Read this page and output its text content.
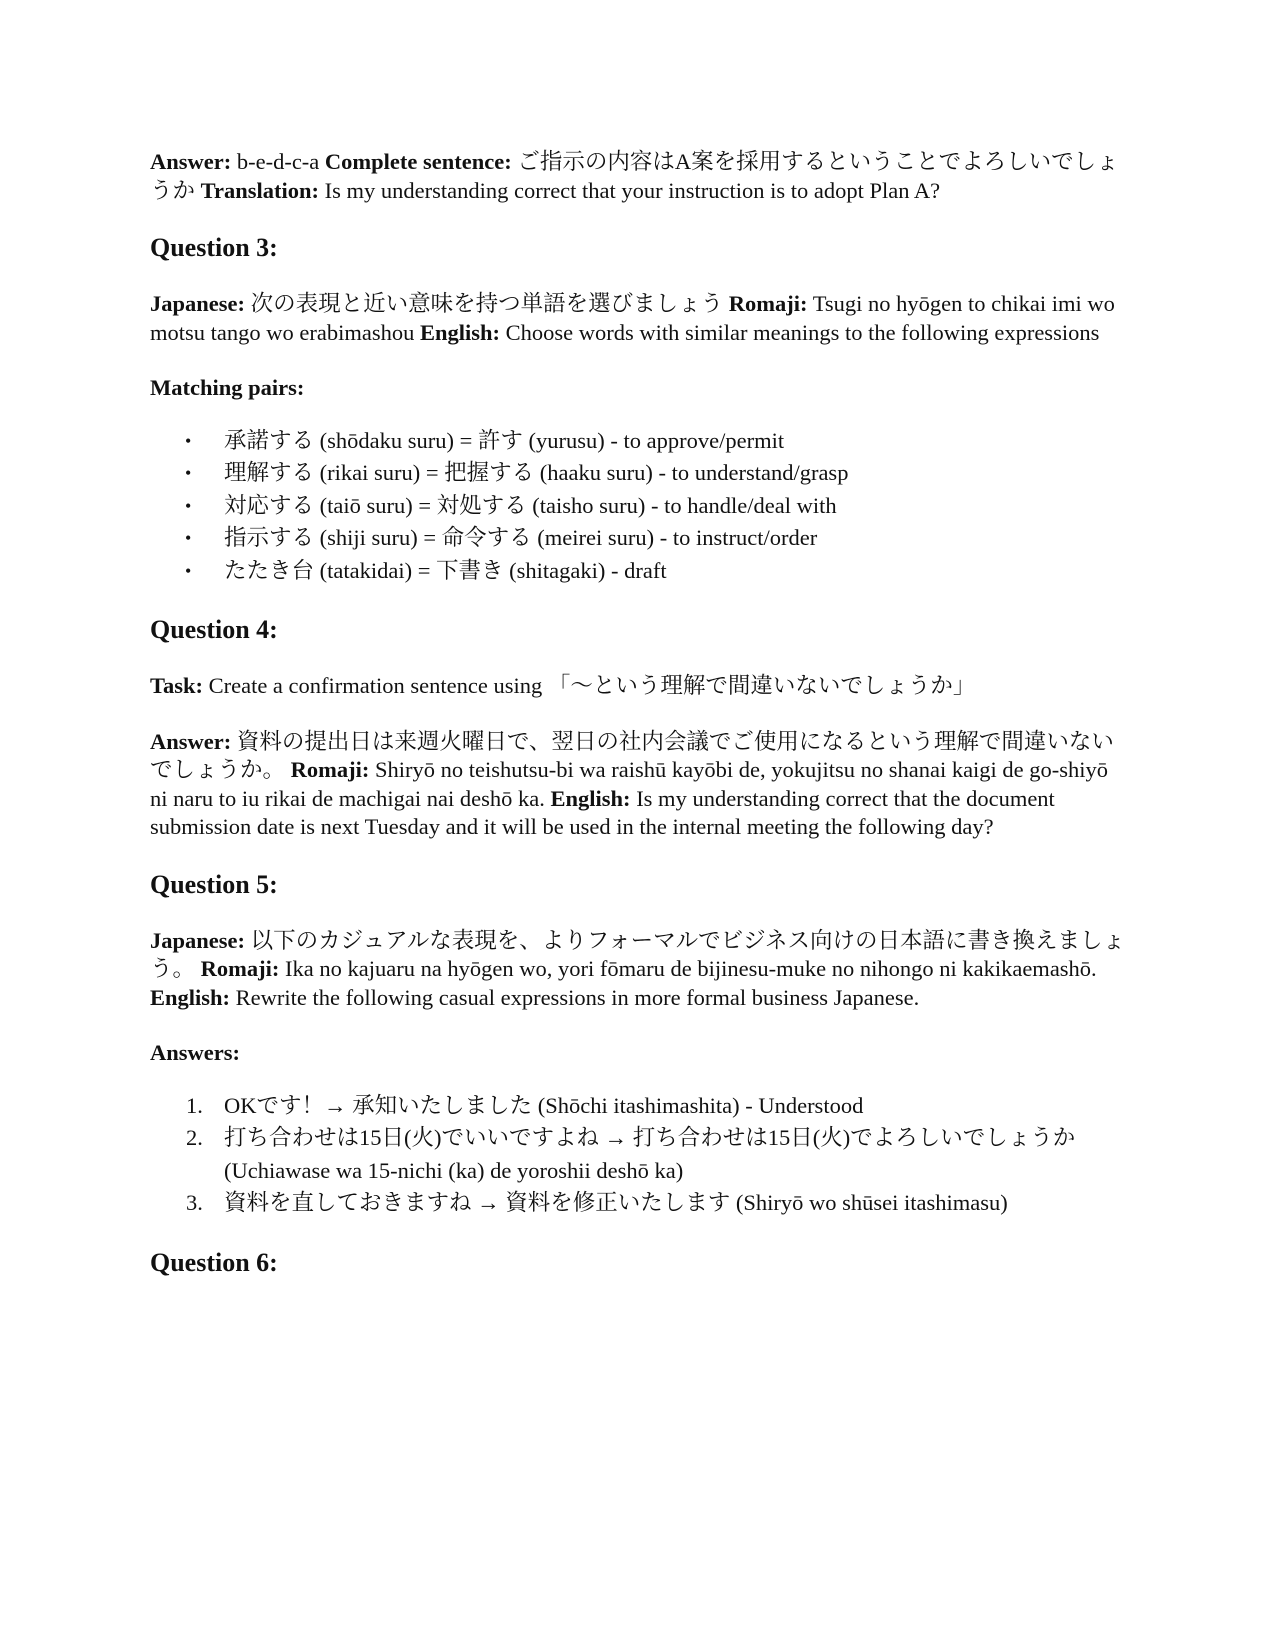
Answer: b-e-d-c-a Complete sentence: ご指示の内容はA案を採用するということでよろしいでしょうか Translation: Is my understanding correct that your instruction is to adopt Plan A?

Question 3:

Japanese: 次の表現と近い意味を持つ単語を選びましょう Romaji: Tsugi no hyōgen to chikai imi wo motsu tango wo erabimashou English: Choose words with similar meanings to the following expressions

Matching pairs:

• 承諾する (shōdaku suru) = 許す (yurusu) - to approve/permit
• 理解する (rikai suru) = 把握する (haaku suru) - to understand/grasp
• 対応する (taiō suru) = 対処する (taisho suru) - to handle/deal with
• 指示する (shiji suru) = 命令する (meirei suru) - to instruct/order
• たたき台 (tatakidai) = 下書き (shitagaki) - draft
Question 4:

Task: Create a confirmation sentence using 「〜という理解で間違いないでしょうか」

Answer: 資料の提出日は来週火曜日で、翌日の社内会議でご使用になるという理解で間違いないでしょうか。 Romaji: Shiryō no teishutsu-bi wa raishū kayōbi de, yokujitsu no shanai kaigi de go-shiyō ni naru to iu rikai de machigai nai deshō ka. English: Is my understanding correct that the document submission date is next Tuesday and it will be used in the internal meeting the following day?

Question 5:

Japanese: 以下のカジュアルな表現を、よりフォーマルでビジネス向けの日本語に書き換えましょう。 Romaji: Ika no kajuaru na hyōgen wo, yori fōmaru de bijinesu-muke no nihongo ni kakikaemashō. English: Rewrite the following casual expressions in more formal business Japanese.

Answers:

1. OKです！→ 承知いたしました (Shōchi itashimashita) - Understood
2. 打ち合わせは15日(火)でいいですよね → 打ち合わせは15日(火)でよろしいでしょうか (Uchiawase wa 15-nichi (ka) de yoroshii deshō ka)
3. 資料を直しておきますね → 資料を修正いたします (Shiryō wo shūsei itashimasu)
Question 6:
